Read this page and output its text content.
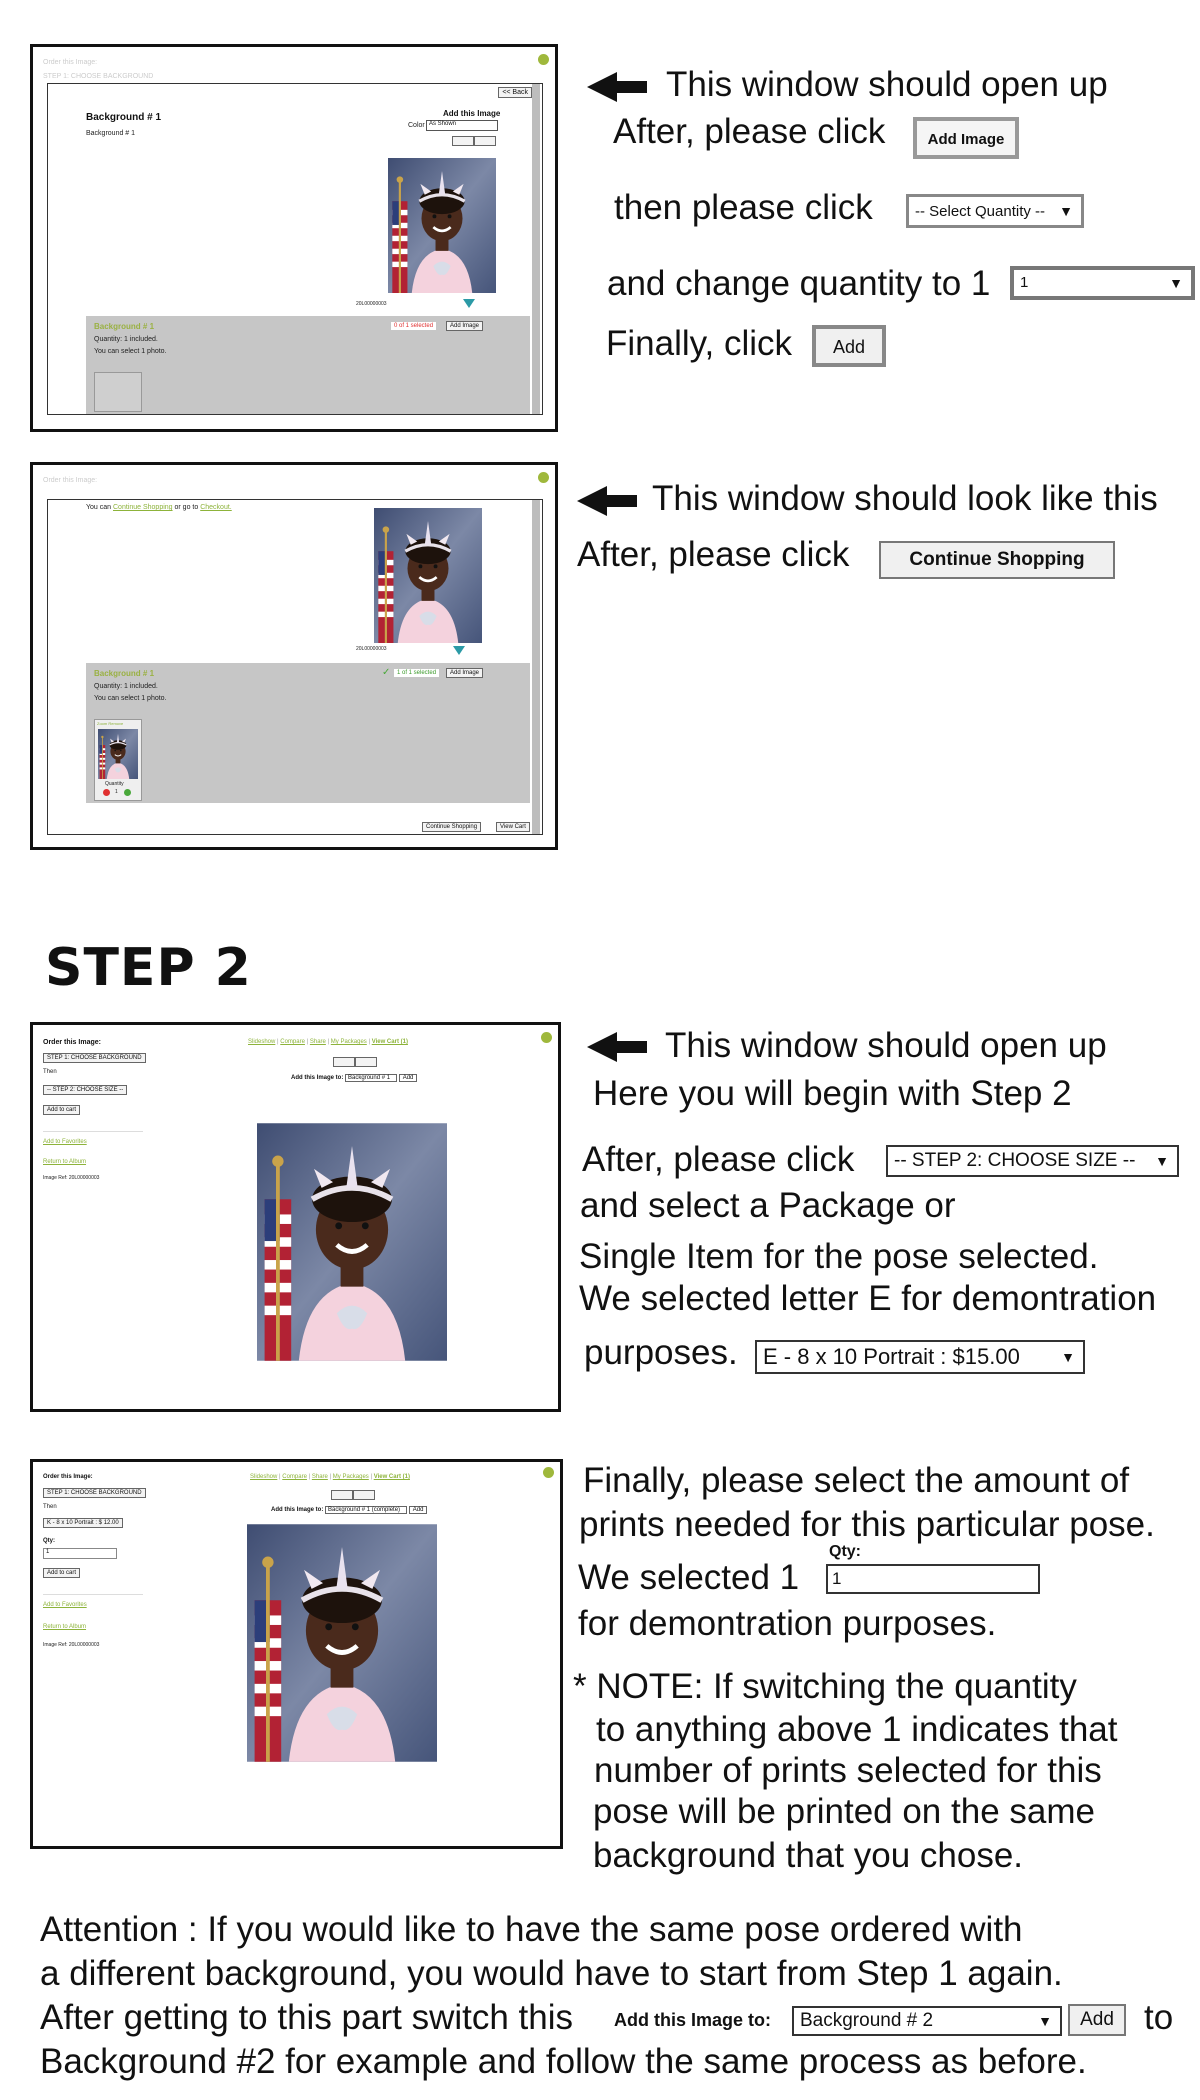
Order this Image:
STEP 1: CHOOSE BACKGROUND
<< Back
Background # 1
Background # 1
Add this Image
Color As Shown
20L00000003
Background # 1	0 of 1 selected	Add Image
Quantity: 1 included.
You can select 1 photo.
This window should open up
After, please click	Add Image
then please click	-- Select Quantity -- ▼
and change quantity to 1	1	▼
Finally, click	Add
Order this Image:
You can Continue Shopping or go to Checkout.
20L00000003
Background # 1	✓	1 of 1 selected	Add Image
Quantity: 1 included.
You can select 1 photo.
Zoom Remove
Quantity
1
Continue Shopping	View Cart
This window should look like this
After, please click	Continue Shopping
STEP 2
Order this Image:
STEP 1: CHOOSE BACKGROUND
Then
-- STEP 2: CHOOSE SIZE --
Add to cart
Add to Favorites
Return to Album
Image Ref: 20L00000003
Slideshow | Compare | Share | My Packages | View Cart (1)
Add this Image to: Background # 1 Add
This window should open up
Here you will begin with Step 2
After, please click	-- STEP 2: CHOOSE SIZE -- ▼
and select a Package or
Single Item for the pose selected.
We selected letter E for demontration
purposes.	E - 8 x 10 Portrait : $15.00	▼
Order this Image:
STEP 1: CHOOSE BACKGROUND
Then
K - 8 x 10 Portrait : $ 12.00
Qty:
1
Add to cart
Add to Favorites
Return to Album
Image Ref: 20L00000003
Slideshow | Compare | Share | My Packages | View Cart (1)
Add this Image to: Background # 1 (complete) Add
Finally, please select the amount of
prints needed for this particular pose.
Qty:
We selected 1	1
for demontration purposes.
* NOTE: If switching the quantity
to anything above 1 indicates that
number of prints selected for this
pose will be printed on the same
background that you chose.
Attention : If you would like to have the same pose ordered with
a different background, you would have to start from Step 1 again.
After getting to this part switch this Add this Image to:	Background # 2	▼	Add to
Background #2 for example and follow the same process as before.
